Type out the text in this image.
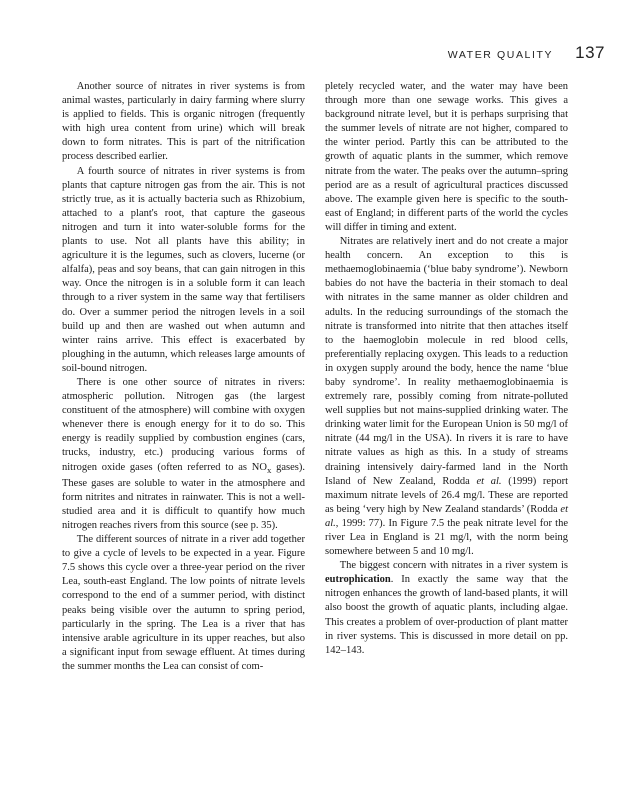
WATER QUALITY 137

Another source of nitrates in river systems is from animal wastes, particularly in dairy farming where slurry is applied to fields. This is organic nitrogen (frequently with high urea content from urine) which will break down to form nitrates. This is part of the nitrification process described earlier.

A fourth source of nitrates in river systems is from plants that capture nitrogen gas from the air. This is not strictly true, as it is actually bacteria such as Rhizobium, attached to a plant's root, that capture the gaseous nitrogen and turn it into water-soluble forms for the plants to use. Not all plants have this ability; in agriculture it is the legumes, such as clovers, lucerne (or alfalfa), peas and soy beans, that can gain nitrogen in this way. Once the nitrogen is in a soluble form it can leach through to a river system in the same way that fertilisers do. Over a summer period the nitrogen levels in a soil build up and then are washed out when autumn and winter rains arrive. This effect is exacerbated by ploughing in the autumn, which releases large amounts of soil-bound nitrogen.

There is one other source of nitrates in rivers: atmospheric pollution. Nitrogen gas (the largest constituent of the atmosphere) will combine with oxygen whenever there is enough energy for it to do so. This energy is readily supplied by combustion engines (cars, trucks, industry, etc.) producing various forms of nitrogen oxide gases (often referred to as $NO_x$ gases). These gases are soluble to water in the atmosphere and form nitrites and nitrates in rainwater. This is not a well-studied area and it is difficult to quantify how much nitrogen reaches rivers from this source (see p. 35).

The different sources of nitrate in a river add together to give a cycle of levels to be expected in a year. Figure 7.5 shows this cycle over a three-year period on the river Lea, south-east England. The low points of nitrate levels correspond to the end of a summer period, with distinct peaks being visible over the autumn to spring period, particularly in the spring. The Lea is a river that has intensive arable agriculture in its upper reaches, but also a significant input from sewage effluent. At times during the summer months the Lea can consist of com-

pletely recycled water, and the water may have been through more than one sewage works. This gives a background nitrate level, but it is perhaps surprising that the summer levels of nitrate are not higher, compared to the winter period. Partly this can be attributed to the growth of aquatic plants in the summer, which remove nitrate from the water. The peaks over the autumn–spring period are as a result of agricultural practices discussed above. The example given here is specific to the south-east of England; in different parts of the world the cycles will differ in timing and extent.

Nitrates are relatively inert and do not create a major health concern. An exception to this is methaemoglobinaemia (‘blue baby syndrome’). Newborn babies do not have the bacteria in their stomach to deal with nitrates in the same manner as older children and adults. In the reducing surroundings of the stomach the nitrate is transformed into nitrite that then attaches itself to the haemoglobin molecule in red blood cells, preferentially replacing oxygen. This leads to a reduction in oxygen supply around the body, hence the name ‘blue baby syndrome’. In reality methaemoglobinaemia is extremely rare, possibly coming from nitrate-polluted well supplies but not mains-supplied drinking water. The drinking water limit for the European Union is 50 mg/l of nitrate (44 mg/l in the USA). In rivers it is rare to have nitrate values as high as this. In a study of streams draining intensively dairy-farmed land in the North Island of New Zealand, Rodda et al. (1999) report maximum nitrate levels of 26.4 mg/l. These are reported as being ‘very high by New Zealand standards’ (Rodda et al., 1999: 77). In Figure 7.5 the peak nitrate level for the river Lea in England is 21 mg/l, with the norm being somewhere between 5 and 10 mg/l.

The biggest concern with nitrates in a river system is eutrophication. In exactly the same way that the nitrogen enhances the growth of land-based plants, it will also boost the growth of aquatic plants, including algae. This creates a problem of over-production of plant matter in river systems. This is discussed in more detail on pp. 142–143.
